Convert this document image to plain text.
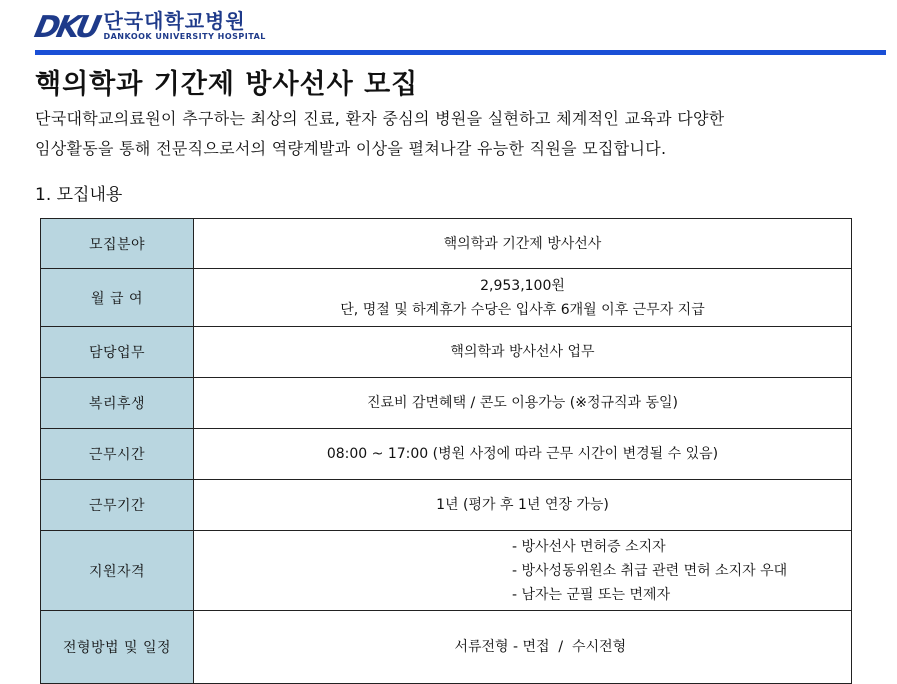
DKU 단국대학교병원
DANKOOK UNIVERSITY HOSPITAL
핵의학과 기간제 방사선사 모집

단국대학교의료원이 추구하는 최상의 진료, 환자 중심의 병원을 실현하고 체계적인 교육과 다양한
임상활동을 통해 전문직으로서의 역량계발과 이상을 펼쳐나갈 유능한 직원을 모집합니다.

1. 모집내용

모집분야	핵의학과 기간제 방사선사
월 급 여	2,953,100원
단, 명절 및 하계휴가 수당은 입사후 6개월 이후 근무자 지급
담당업무	핵의학과 방사선사 업무
복리후생	진료비 감면혜택 / 콘도 이용가능 (※정규직과 동일)
근무시간	08:00 ~ 17:00 (병원 사정에 따라 근무 시간이 변경될 수 있음)
근무기간	1년 (평가 후 1년 연장 가능)
지원자격	- 방사선사 면허증 소지자
- 방사성동위원소 취급 관련 면허 소지자 우대
- 남자는 군필 또는 면제자
전형방법 및 일정	서류전형 - 면접  /  수시전형
